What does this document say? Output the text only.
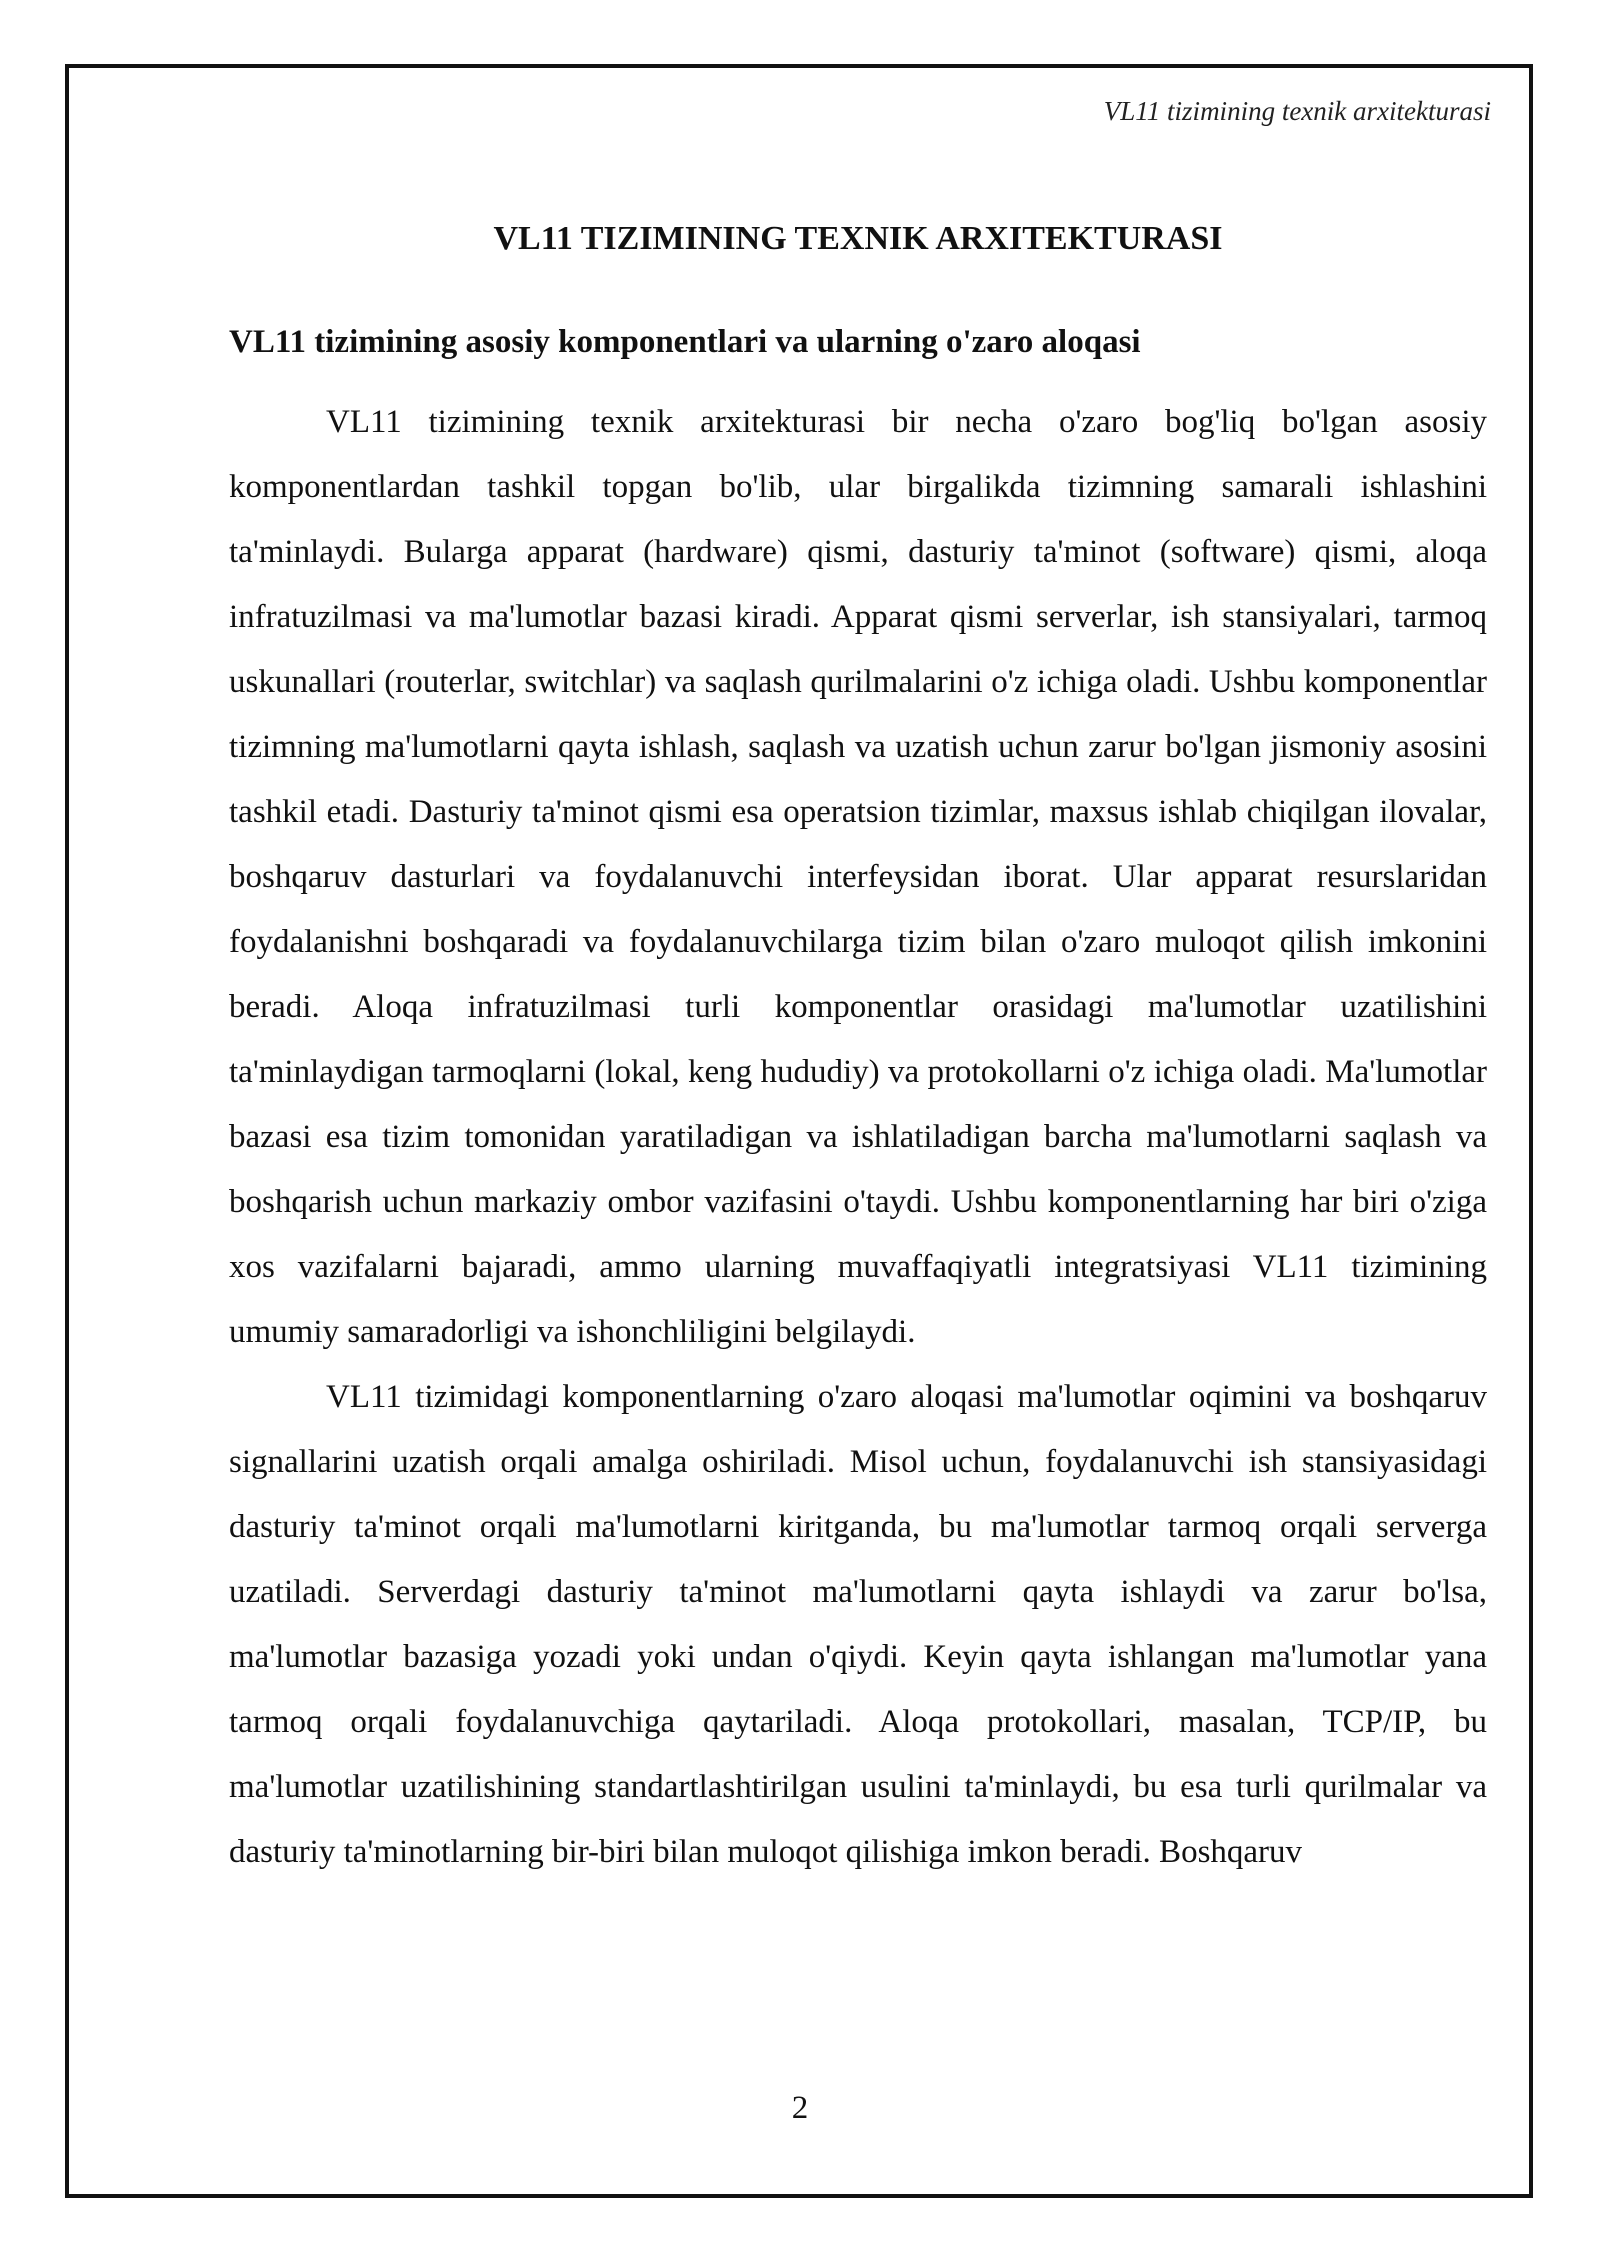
VL11 tizimining texnik arxitekturasi
VL11 TIZIMINING TEXNIK ARXITEKTURASI
VL11 tizimining asosiy komponentlari va ularning o'zaro aloqasi

VL11 tizimining texnik arxitekturasi bir necha o'zaro bog'liq bo'lgan asosiy komponentlardan tashkil topgan bo'lib, ular birgalikda tizimning samarali ishlashini ta'minlaydi. Bularga apparat (hardware) qismi, dasturiy ta'minot (software) qismi, aloqa infratuzilmasi va ma'lumotlar bazasi kiradi. Apparat qismi serverlar, ish stansiyalari, tarmoq uskunallari (routerlar, switchlar) va saqlash qurilmalarini o'z ichiga oladi. Ushbu komponentlar tizimning ma'lumotlarni qayta ishlash, saqlash va uzatish uchun zarur bo'lgan jismoniy asosini tashkil etadi. Dasturiy ta'minot qismi esa operatsion tizimlar, maxsus ishlab chiqilgan ilovalar, boshqaruv dasturlari va foydalanuvchi interfeysidan iborat. Ular apparat resurslaridan foydalanishni boshqaradi va foydalanuvchilarga tizim bilan o'zaro muloqot qilish imkonini beradi. Aloqa infratuzilmasi turli komponentlar orasidagi ma'lumotlar uzatilishini ta'minlaydigan tarmoqlarni (lokal, keng hududiy) va protokollarni o'z ichiga oladi. Ma'lumotlar bazasi esa tizim tomonidan yaratiladigan va ishlatiladigan barcha ma'lumotlarni saqlash va boshqarish uchun markaziy ombor vazifasini o'taydi. Ushbu komponentlarning har biri o'ziga xos vazifalarni bajaradi, ammo ularning muvaffaqiyatli integratsiyasi VL11 tizimining umumiy samaradorligi va ishonchliligini belgilaydi.

VL11 tizimidagi komponentlarning o'zaro aloqasi ma'lumotlar oqimini va boshqaruv signallarini uzatish orqali amalga oshiriladi. Misol uchun, foydalanuvchi ish stansiyasidagi dasturiy ta'minot orqali ma'lumotlarni kiritganda, bu ma'lumotlar tarmoq orqali serverga uzatiladi. Serverdagi dasturiy ta'minot ma'lumotlarni qayta ishlaydi va zarur bo'lsa, ma'lumotlar bazasiga yozadi yoki undan o'qiydi. Keyin qayta ishlangan ma'lumotlar yana tarmoq orqali foydalanuvchiga qaytariladi. Aloqa protokollari, masalan, TCP/IP, bu ma'lumotlar uzatilishining standartlashtirilgan usulini ta'minlaydi, bu esa turli qurilmalar va dasturiy ta'minotlarning bir-biri bilan muloqot qilishiga imkon beradi. Boshqaruv

2
